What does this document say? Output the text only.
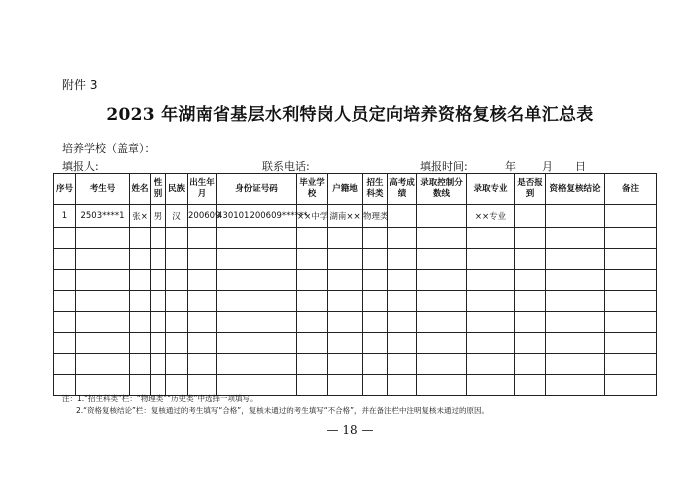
附件 3
2023 年湖南省基层水利特岗人员定向培养资格复核名单汇总表
培养学校（盖章）：
填报人:	联系电话:	填报时间:	年 月 日
序号	考生号	姓名	性别	民族	出生年月	身份证号码	毕业学校	户籍地	招生科类	高考成绩	录取控制分数线	录取专业	是否报到	资格复核结论	备注
1	2503****1	张×	男	汉	200609	430101200609******	××中学	湖南××	物理类			××专业			

注：1.“招生科类”栏：“物理类”“历史类”中选择一项填写。
2.“资格复核结论”栏：复核通过的考生填写“合格”，复核未通过的考生填写“不合格”，并在备注栏中注明复核未通过的原因。
— 18 —
